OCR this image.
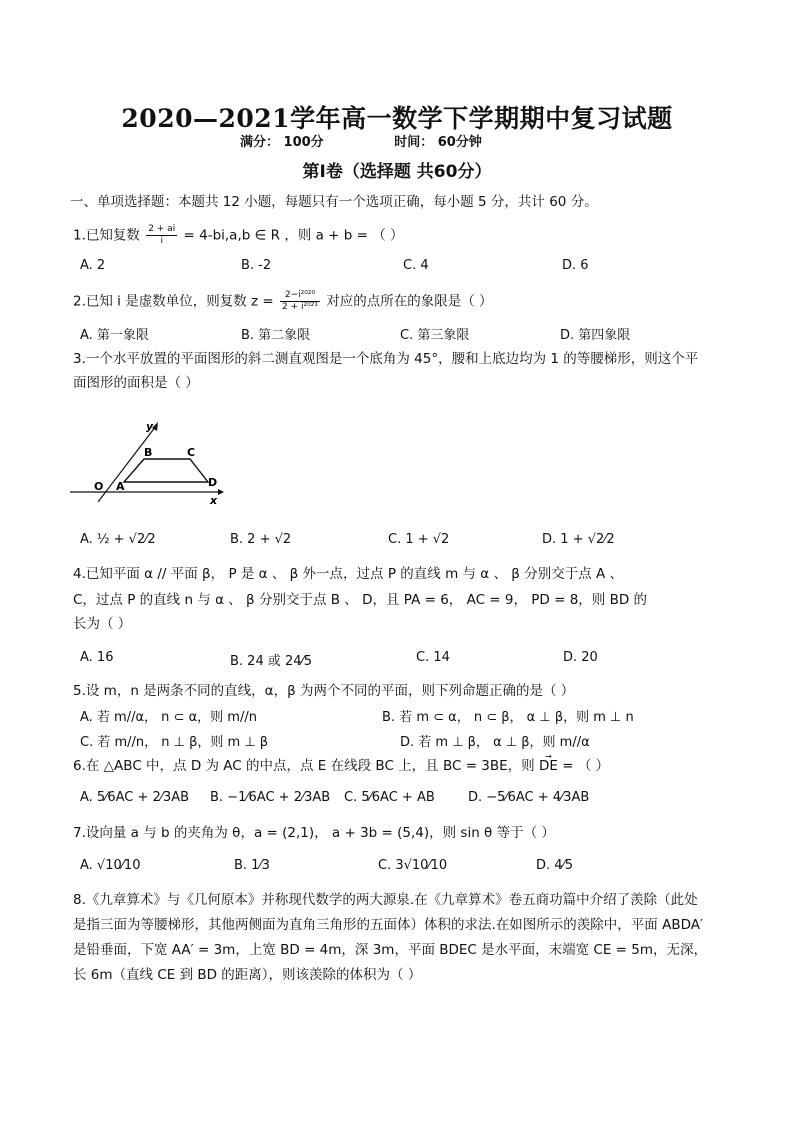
2020—2021学年高一数学下学期期中复习试题
满分： 100分	时间： 60分钟
第Ⅰ卷（选择题 共60分）
一、单项选择题：本题共 12 小题，每题只有一个选项正确，每小题 5 分，共计 60 分。
1.已知复数 $\frac{2 + ai}{i} = 4-bi,a,b$ ∈ R ，则 a + b = （ ）
A. 2	B. -2	C. 4	D. 6
2.已知 i 是虚数单位，则复数 $z = \frac{\text{2−i²⁰²⁰}}{\text{2 + i²⁰²¹}}$ 对应的点所在的象限是（ ）
A. 第一象限	B. 第二象限	C. 第三象限	D. 第四象限
3.一个水平放置的平面图形的斜二测直观图是一个底角为 45°，腰和上底边均为 1 的等腰梯形，则这个平
面图形的面积是（ ）
y
x
O A
B	C
D
A. ½ + √2⁄2	B. 2 + √2	C. 1 + √2	D. 1 + √2⁄2
4.已知平面 α // 平面 β， P 是 α 、 β 外一点，过点 P 的直线 m 与 α 、 β 分别交于点 A 、
C，过点 P 的直线 n 与 α 、 β 分别交于点 B 、 D，且 PA = 6， AC = 9， PD = 8，则 BD 的
长为（ ）
A. 16	B. 24 或 24⁄5	C. 14	D. 20
5.设 m，n 是两条不同的直线，α，β 为两个不同的平面，则下列命题正确的是（ ）
A. 若 m//α， n ⊂ α，则 m//n	B. 若 m ⊂ α， n ⊂ β， α ⊥ β，则 m ⊥ n
C. 若 m//n， n ⊥ β，则 m ⊥ β	D. 若 m ⊥ β， α ⊥ β，则 m//α
6.在 △ABC 中，点 D 为 AC 的中点，点 E 在线段 BC 上，且 BC = 3BE，则 → DE = （ ）
A. 5⁄6AC + 2⁄3AB B. −1⁄6AC + 2⁄3AB C. 5⁄6AC + AB	D. −5⁄6AC + 4⁄3AB
7.设向量 a 与 b 的夹角为 θ，a = (2,1)， a + 3b = (5,4)，则 sin θ 等于（ ）
A. √10⁄10	B. 1⁄3	C. 3√10⁄10	D. 4⁄5
8.《九章算术》与《几何原本》并称现代数学的两大源泉.在《九章算术》卷五商功篇中介绍了羡除（此处
是指三面为等腰梯形，其他两侧面为直角三角形的五面体）体积的求法.在如图所示的羡除中，平面 ABDA′
是铅垂面，下宽 AA′ = 3m，上宽 BD = 4m，深 3m，平面 BDEC 是水平面，末端宽 CE = 5m，无深，
长 6m（直线 CE 到 BD 的距离），则该羡除的体积为（ ）
